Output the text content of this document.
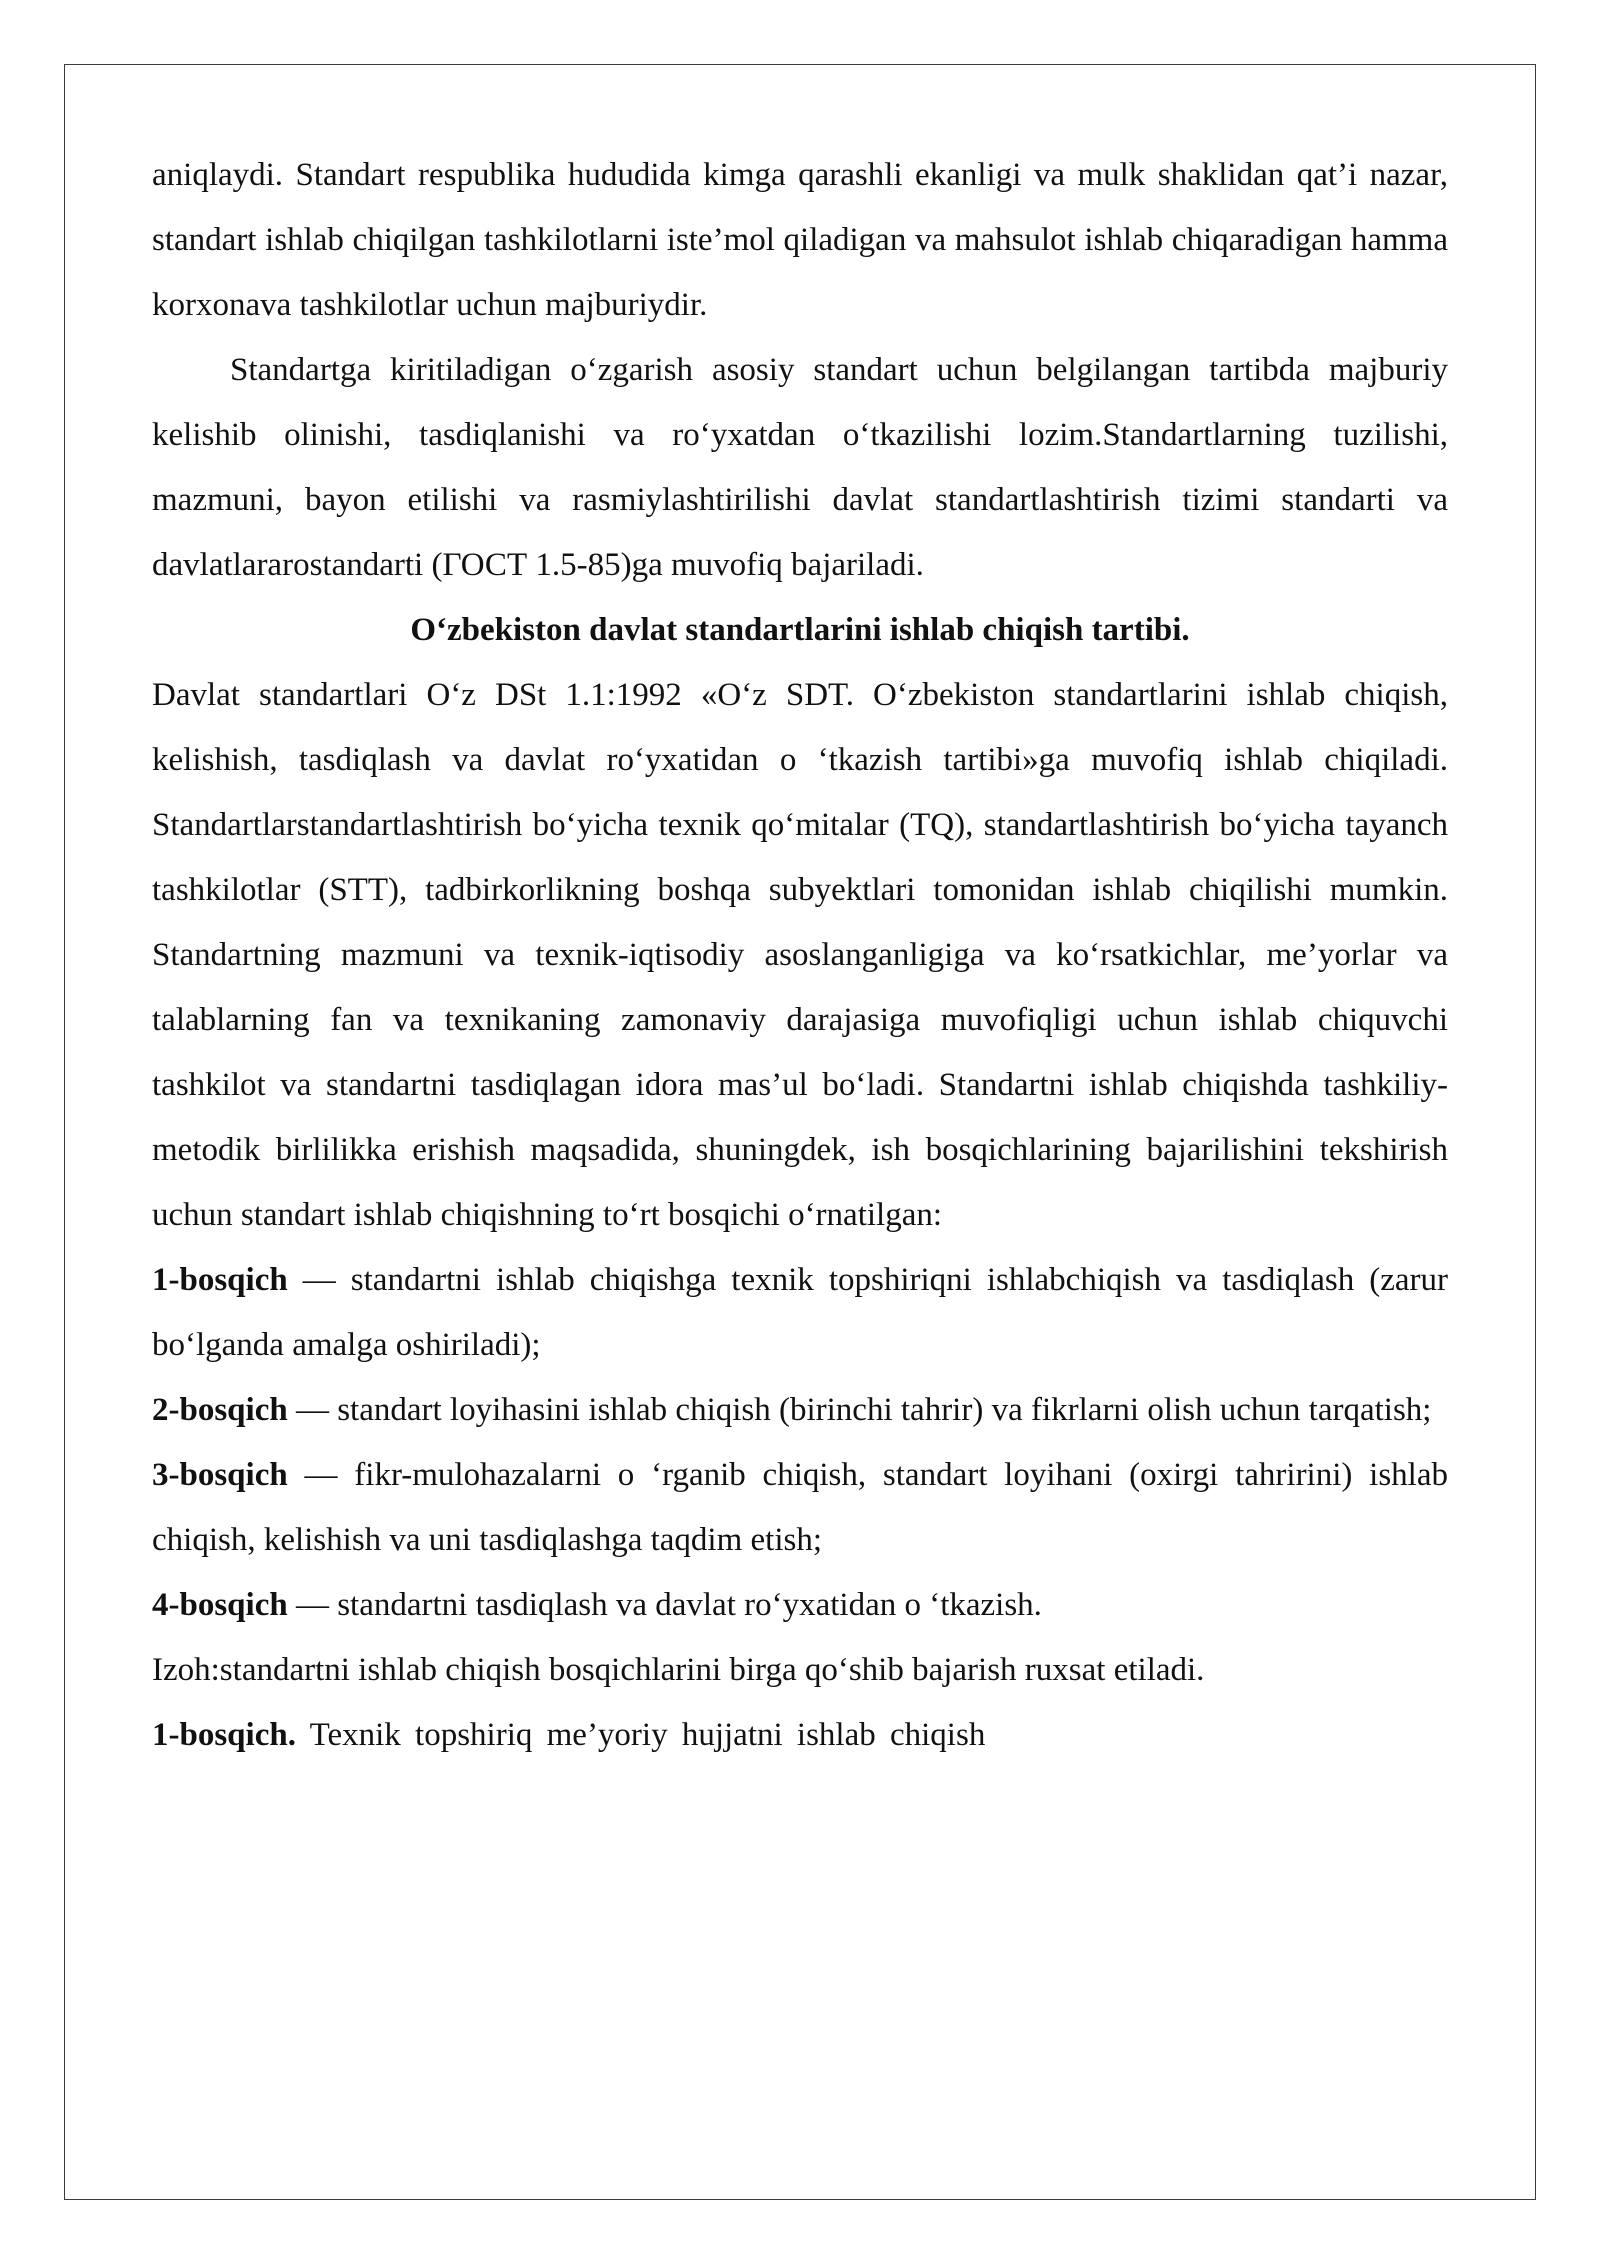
aniqlaydi. Standart respublika hududida kimga qarashli ekanligi va mulk shaklidan qat’i nazar, standart ishlab chiqilgan tashkilotlarni iste’mol qiladigan va mahsulot ishlab chiqaradigan hamma korxonava tashkilotlar uchun majburiydir.

Standartga kiritiladigan o‘zgarish asosiy standart uchun belgilangan tartibda majburiy kelishib olinishi, tasdiqlanishi va ro‘yxatdan o‘tkazilishi lozim.Standartlarning tuzilishi, mazmuni, bayon etilishi va rasmiylashtirilishi davlat standartlashtirish tizimi standarti va davlatlararostandarti (ГОСТ 1.5-85)ga muvofiq bajariladi.

O‘zbekiston davlat standartlarini ishlab chiqish tartibi.

Davlat standartlari O‘z DSt 1.1:1992 «O‘z SDT. O‘zbekiston standartlarini ishlab chiqish, kelishish, tasdiqlash va davlat ro‘yxatidan o ‘tkazish tartibi»ga muvofiq ishlab chiqiladi. Standartlarstandartlashtirish bo‘yicha texnik qo‘mitalar (TQ), standartlashtirish bo‘yicha tayanch tashkilotlar (STT), tadbirkorlikning boshqa subyektlari tomonidan ishlab chiqilishi mumkin. Standartning mazmuni va texnik-iqtisodiy asoslanganligiga va ko‘rsatkichlar, me’yorlar va talablarning fan va texnikaning zamonaviy darajasiga muvofiqligi uchun ishlab chiquvchi tashkilot va standartni tasdiqlagan idora mas’ul bo‘ladi. Standartni ishlab chiqishda tashkiliy-metodik birlilikka erishish maqsadida, shuningdek, ish bosqichlarining bajarilishini tekshirish uchun standart ishlab chiqishning to‘rt bosqichi o‘rnatilgan:

1-bosqich — standartni ishlab chiqishga texnik topshiriqni ishlabchiqish va tasdiqlash (zarur bo‘lganda amalga oshiriladi);

2-bosqich — standart loyihasini ishlab chiqish (birinchi tahrir) va fikrlarni olish uchun tarqatish;

3-bosqich — fikr-mulohazalarni o ‘rganib chiqish, standart loyihani (oxirgi tahririni) ishlab chiqish, kelishish va uni tasdiqlashga taqdim etish;

4-bosqich — standartni tasdiqlash va davlat ro‘yxatidan o ‘tkazish.

Izoh:standartni ishlab chiqish bosqichlarini birga qo‘shib bajarish ruxsat etiladi.

1-bosqich. Texnik topshiriq me’yoriy hujjatni ishlab chiqish
